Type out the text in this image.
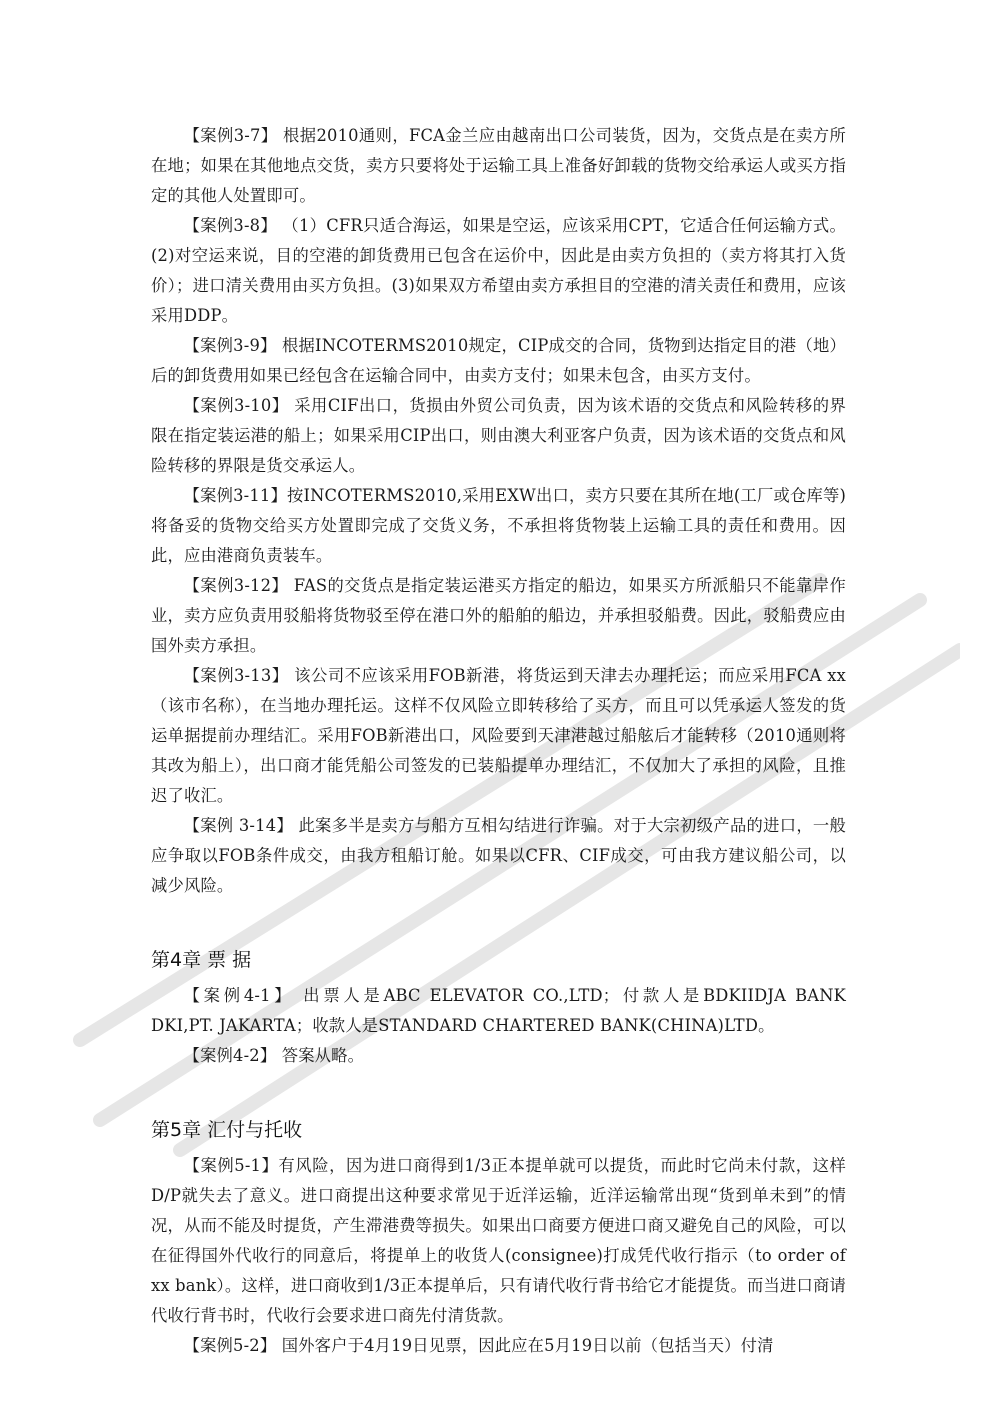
【案例3-7】 根据2010通则，FCA金兰应由越南出口公司装货，因为，交货点是在卖方所在地；如果在其他地点交货，卖方只要将处于运输工具上准备好卸载的货物交给承运人或买方指定的其他人处置即可。

【案例3-8】 （1）CFR只适合海运，如果是空运，应该采用CPT，它适合任何运输方式。(2)对空运来说，目的空港的卸货费用已包含在运价中，因此是由卖方负担的（卖方将其打入货价）；进口清关费用由买方负担。(3)如果双方希望由卖方承担目的空港的清关责任和费用，应该采用DDP。

【案例3-9】 根据INCOTERMS2010规定，CIP成交的合同，货物到达指定目的港（地）后的卸货费用如果已经包含在运输合同中，由卖方支付；如果未包含，由买方支付。

【案例3-10】 采用CIF出口，货损由外贸公司负责，因为该术语的交货点和风险转移的界限在指定装运港的船上；如果采用CIP出口，则由澳大利亚客户负责，因为该术语的交货点和风险转移的界限是货交承运人。

【案例3-11】按INCOTERMS2010,采用EXW出口，卖方只要在其所在地(工厂或仓库等)将备妥的货物交给买方处置即完成了交货义务，不承担将货物装上运输工具的责任和费用。因此，应由港商负责装车。

【案例3-12】 FAS的交货点是指定装运港买方指定的船边，如果买方所派船只不能靠岸作业，卖方应负责用驳船将货物驳至停在港口外的船舶的船边，并承担驳船费。因此，驳船费应由国外卖方承担。

【案例3-13】 该公司不应该采用FOB新港，将货运到天津去办理托运；而应采用FCA xx（该市名称），在当地办理托运。这样不仅风险立即转移给了买方，而且可以凭承运人签发的货运单据提前办理结汇。采用FOB新港出口，风险要到天津港越过船舷后才能转移（2010通则将其改为船上），出口商才能凭船公司签发的已装船提单办理结汇，不仅加大了承担的风险，且推迟了收汇。

【案例 3-14】 此案多半是卖方与船方互相勾结进行诈骗。对于大宗初级产品的进口，一般应争取以FOB条件成交，由我方租船订舱。如果以CFR、CIF成交，可由我方建议船公司，以减少风险。

第4章 票 据

【案例4-1】 出票人是ABC ELEVATOR CO.,LTD；付款人是BDKIIDJA BANK DKI,PT. JAKARTA；收款人是STANDARD CHARTERED BANK(CHINA)LTD。

【案例4-2】 答案从略。

第5章 汇付与托收

【案例5-1】有风险，因为进口商得到1/3正本提单就可以提货，而此时它尚未付款，这样D/P就失去了意义。进口商提出这种要求常见于近洋运输，近洋运输常出现“货到单未到”的情况，从而不能及时提货，产生滞港费等损失。如果出口商要方便进口商又避免自己的风险，可以在征得国外代收行的同意后，将提单上的收货人(consignee)打成凭代收行指示（to order of xx bank）。这样，进口商收到1/3正本提单后，只有请代收行背书给它才能提货。而当进口商请代收行背书时，代收行会要求进口商先付清货款。

【案例5-2】 国外客户于4月19日见票，因此应在5月19日以前（包括当天）付清
